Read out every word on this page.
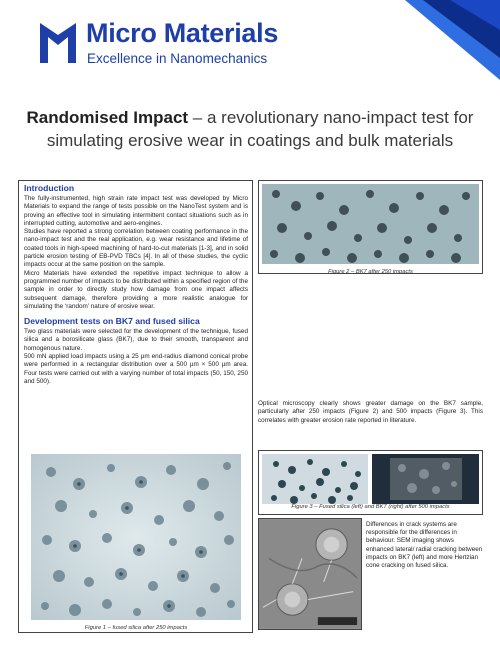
Micro Materials
Excellence in Nanomechanics
Randomised Impact – a revolutionary nano-impact test for simulating erosive wear in coatings and bulk materials
Introduction

The fully-instrumented, high strain rate impact test was developed by Micro Materials to expand the range of tests possible on the NanoTest system and is proving an effective tool in simulating intermittent contact situations such as in interrupted cutting, automotive and aero-engines.

Studies have reported a strong correlation between coating performance in the nano-impact test and the real application, e.g. wear resistance and lifetime of coated tools in high-speed machining of hard-to-cut materials [1-3], and in solid particle erosion testing of EB-PVD TBCs [4]. In all of these studies, the cyclic impacts occur at the same position on the sample.

Micro Materials have extended the repetitive impact technique to allow a programmed number of impacts to be distributed within a specified region of the sample in order to directly study how damage from one impact affects subsequent damage, therefore providing a more realistic analogue for simulating the ‘random’ nature of erosive wear.

Development tests on BK7 and fused silica

Two glass materials were selected for the development of the technique, fused silica and a borosilicate glass (BK7), due to their smooth, transparent and homogenous nature.

500 mN applied load impacts using a 25 µm end-radius diamond conical probe were performed in a rectangular distribution over a 500 µm × 500 µm area. Four tests were carried out with a varying number of total impacts (50, 150, 250 and 500).

Figure 1 – fused silica after 250 impacts
Figure 2 – BK7 after 250 impacts

Optical microscopy clearly shows greater damage on the BK7 sample, particularly after 250 impacts (Figure 2) and 500 impacts (Figure 3). This correlates with greater erosion rate reported in literature.

Figure 3 – Fused silica (left) and BK7 (right) after 500 impacts

Differences in crack systems are responsible for the differences in behaviour. SEM imaging shows enhanced lateral/ radial cracking between impacts on BK7 (left) and more Hertzian cone cracking on fused silica.
